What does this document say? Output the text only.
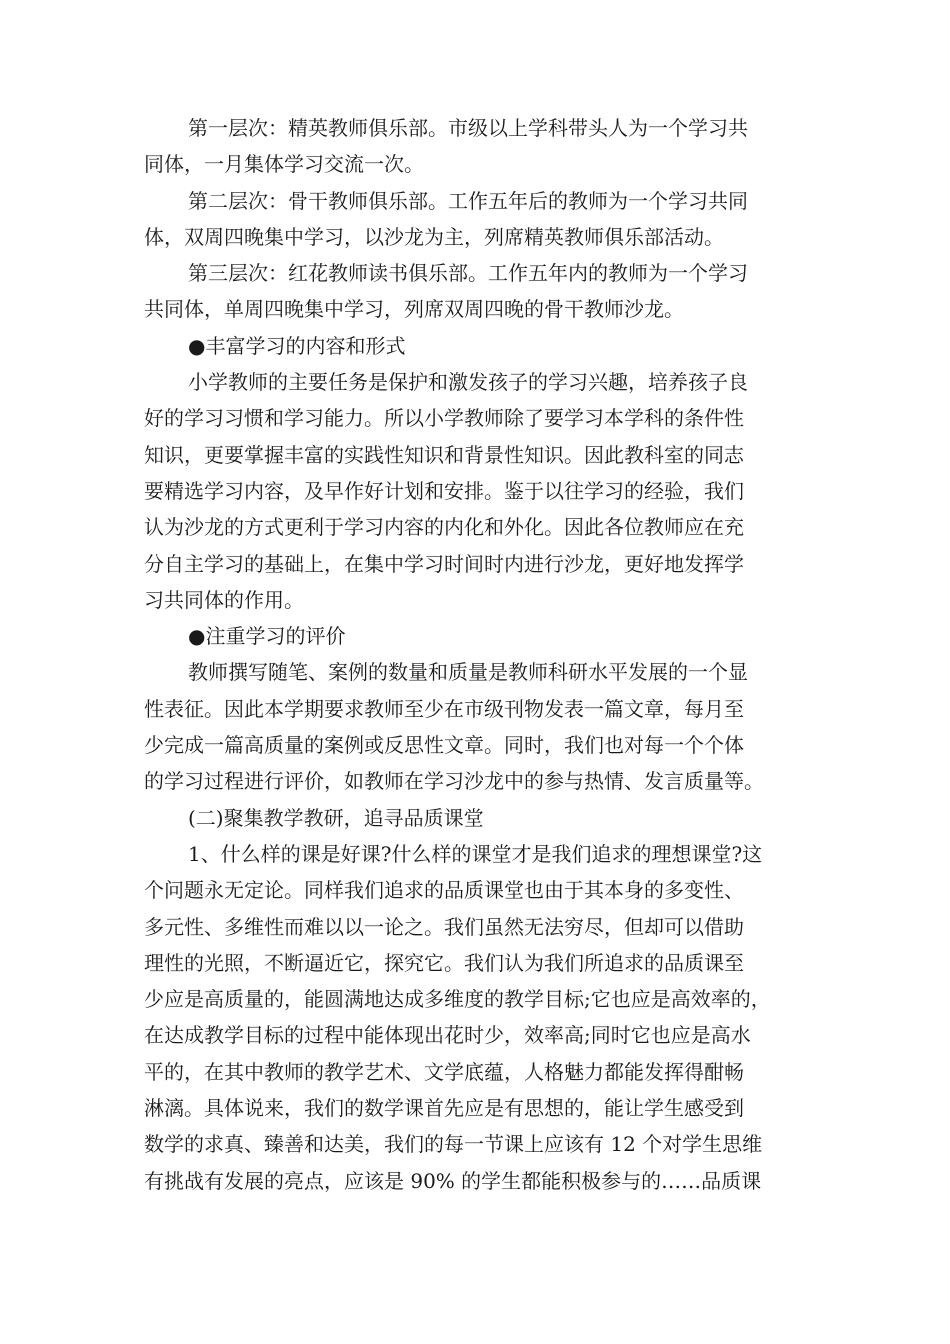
第一层次：精英教师俱乐部。市级以上学科带头人为一个学习共
同体，一月集体学习交流一次。
第二层次：骨干教师俱乐部。工作五年后的教师为一个学习共同
体，双周四晚集中学习，以沙龙为主，列席精英教师俱乐部活动。
第三层次：红花教师读书俱乐部。工作五年内的教师为一个学习
共同体，单周四晚集中学习，列席双周四晚的骨干教师沙龙。
●丰富学习的内容和形式
小学教师的主要任务是保护和激发孩子的学习兴趣，培养孩子良
好的学习习惯和学习能力。所以小学教师除了要学习本学科的条件性
知识，更要掌握丰富的实践性知识和背景性知识。因此教科室的同志
要精选学习内容，及早作好计划和安排。鉴于以往学习的经验，我们
认为沙龙的方式更利于学习内容的内化和外化。因此各位教师应在充
分自主学习的基础上，在集中学习时间时内进行沙龙，更好地发挥学
习共同体的作用。
●注重学习的评价
教师撰写随笔、案例的数量和质量是教师科研水平发展的一个显
性表征。因此本学期要求教师至少在市级刊物发表一篇文章，每月至
少完成一篇高质量的案例或反思性文章。同时，我们也对每一个个体
的学习过程进行评价，如教师在学习沙龙中的参与热情、发言质量等。
(二)聚集教学教研，追寻品质课堂
1、什么样的课是好课?什么样的课堂才是我们追求的理想课堂?这
个问题永无定论。同样我们追求的品质课堂也由于其本身的多变性、
多元性、多维性而难以以一论之。我们虽然无法穷尽，但却可以借助
理性的光照，不断逼近它，探究它。我们认为我们所追求的品质课至
少应是高质量的，能圆满地达成多维度的教学目标;它也应是高效率的，
在达成教学目标的过程中能体现出花时少，效率高;同时它也应是高水
平的，在其中教师的教学艺术、文学底蕴，人格魅力都能发挥得酣畅
淋漓。具体说来，我们的数学课首先应是有思想的，能让学生感受到
数学的求真、臻善和达美，我们的每一节课上应该有 12 个对学生思维
有挑战有发展的亮点，应该是 90% 的学生都能积极参与的……品质课
